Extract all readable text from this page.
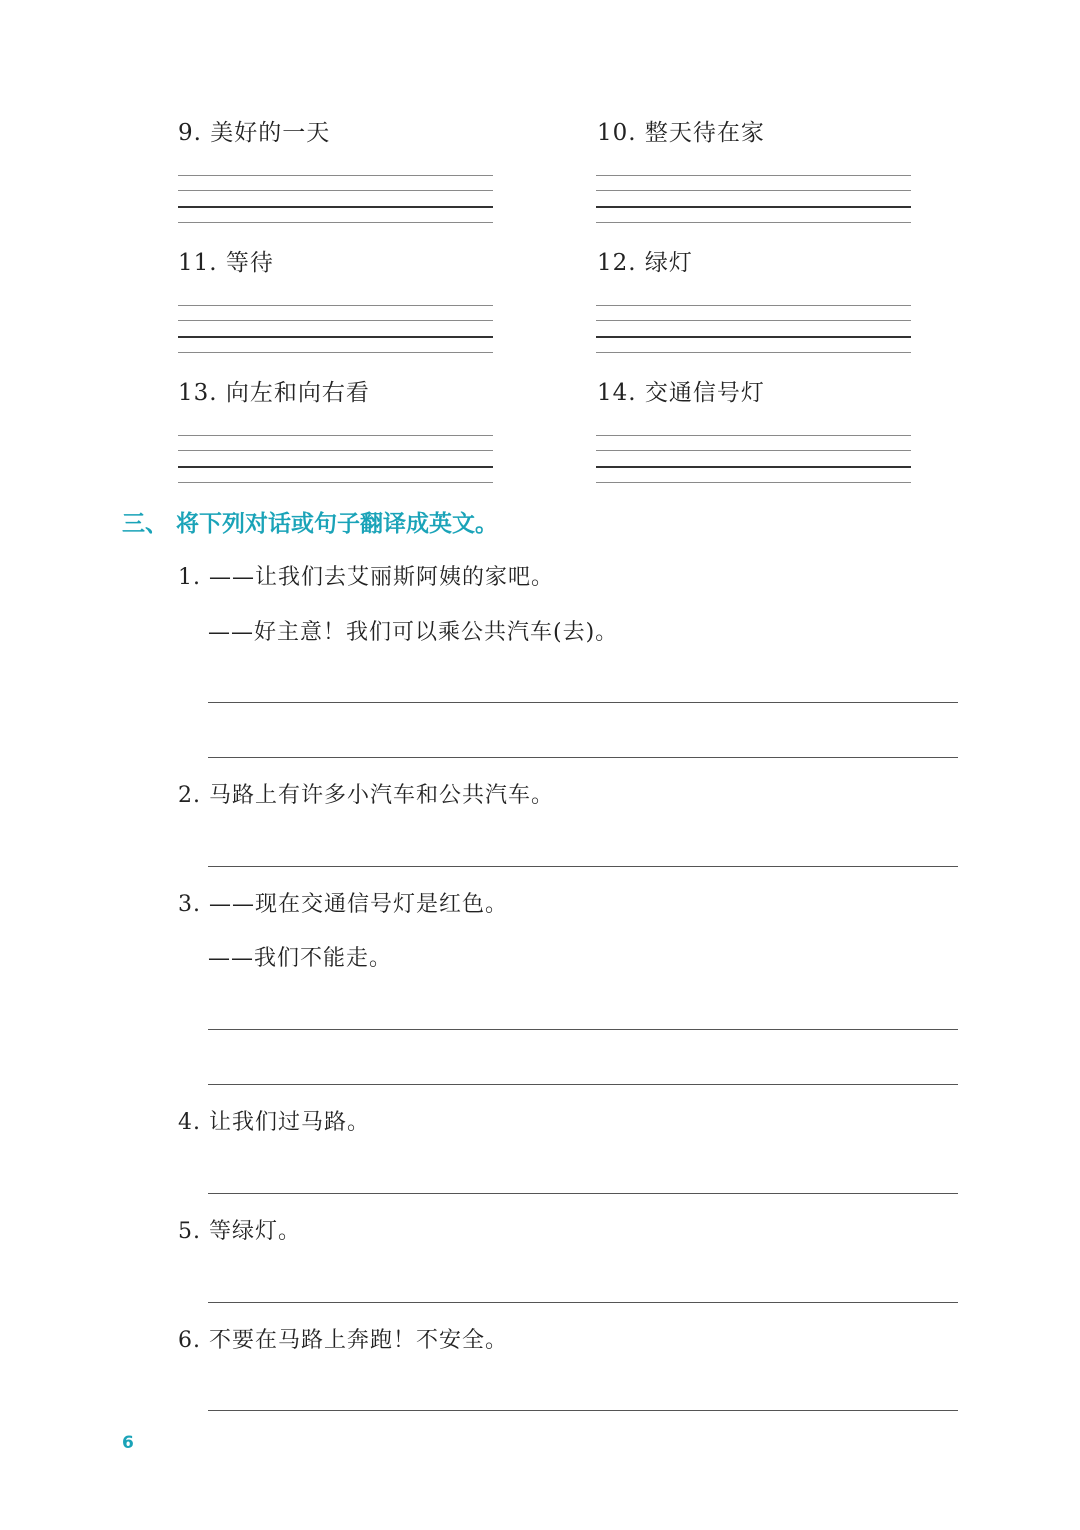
9. 美好的一天	10. 整天待在家
11. 等待	12. 绿灯
13. 向左和向右看	14. 交通信号灯
三、 将下列对话或句子翻译成英文。
1. ——让我们去艾丽斯阿姨的家吧。
——好主意！我们可以乘公共汽车(去)。
2. 马路上有许多小汽车和公共汽车。
3. ——现在交通信号灯是红色。
——我们不能走。
4. 让我们过马路。
5. 等绿灯。
6. 不要在马路上奔跑！不安全。
6
